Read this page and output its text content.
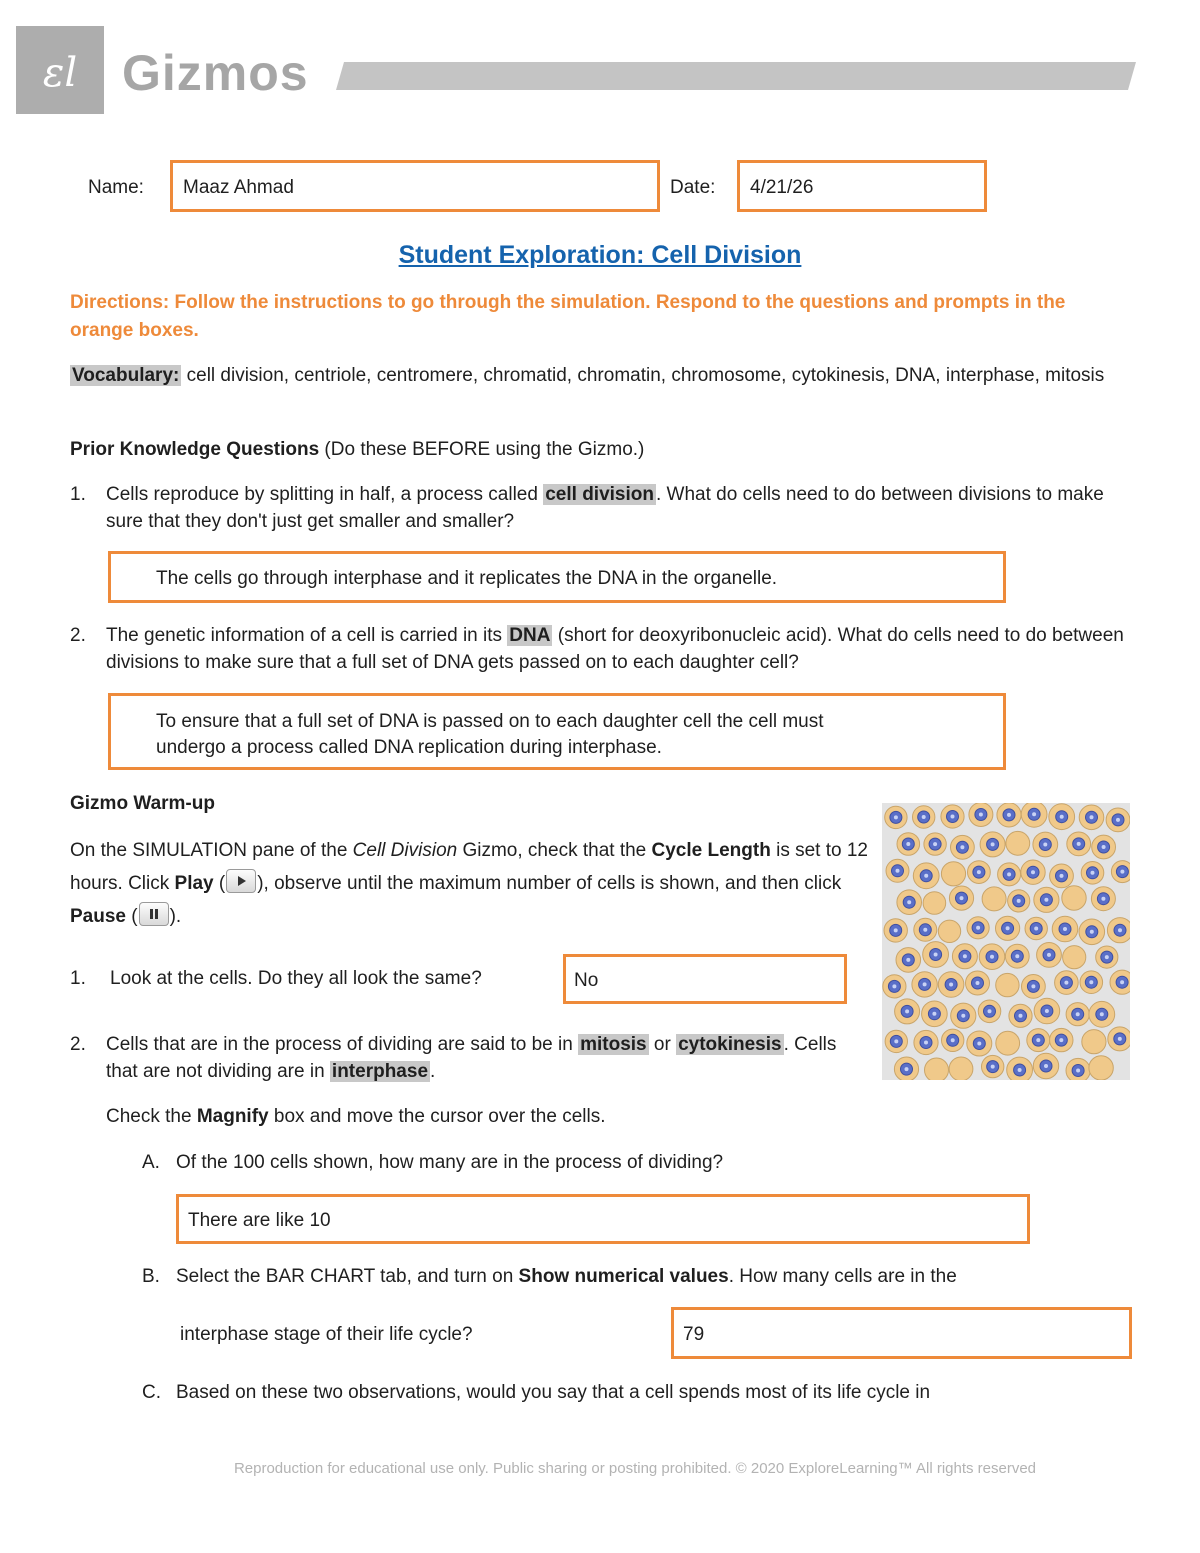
εl Gizmos
Name: Maaz Ahmad	Date: 4/21/26
Student Exploration: Cell Division
Directions: Follow the instructions to go through the simulation. Respond to the questions and prompts in the orange boxes.
Vocabulary: cell division, centriole, centromere, chromatid, chromatin, chromosome, cytokinesis, DNA, interphase, mitosis
Prior Knowledge Questions (Do these BEFORE using the Gizmo.)
1. Cells reproduce by splitting in half, a process called cell division . What do cells need to do between divisions to make sure that they don't just get smaller and smaller?
The cells go through interphase and it replicates the DNA in the organelle.
2. The genetic information of a cell is carried in its DNA (short for deoxyribonucleic acid). What do cells need to do between divisions to make sure that a full set of DNA gets passed on to each daughter cell?
To ensure that a full set of DNA is passed on to each daughter cell the cell must
undergo a process called DNA replication during interphase.
Gizmo Warm-up
On the SIMULATION pane of the Cell Division Gizmo, check that the Cycle Length is set to 12 hours. Click Play ( ), observe until the maximum number of cells is shown, and then click Pause ( ).
1. Look at the cells. Do they all look the same?	No
2. Cells that are in the process of dividing are said to be in mitosis or cytokinesis . Cells that are not dividing are in interphase .
Check the Magnify box and move the cursor over the cells.
A. Of the 100 cells shown, how many are in the process of dividing?
There are like 10
B. Select the BAR CHART tab, and turn on Show numerical values. How many cells are in the
interphase stage of their life cycle?	79
C. Based on these two observations, would you say that a cell spends most of its life cycle in
Reproduction for educational use only. Public sharing or posting prohibited. © 2020 ExploreLearning™ All rights reserved
